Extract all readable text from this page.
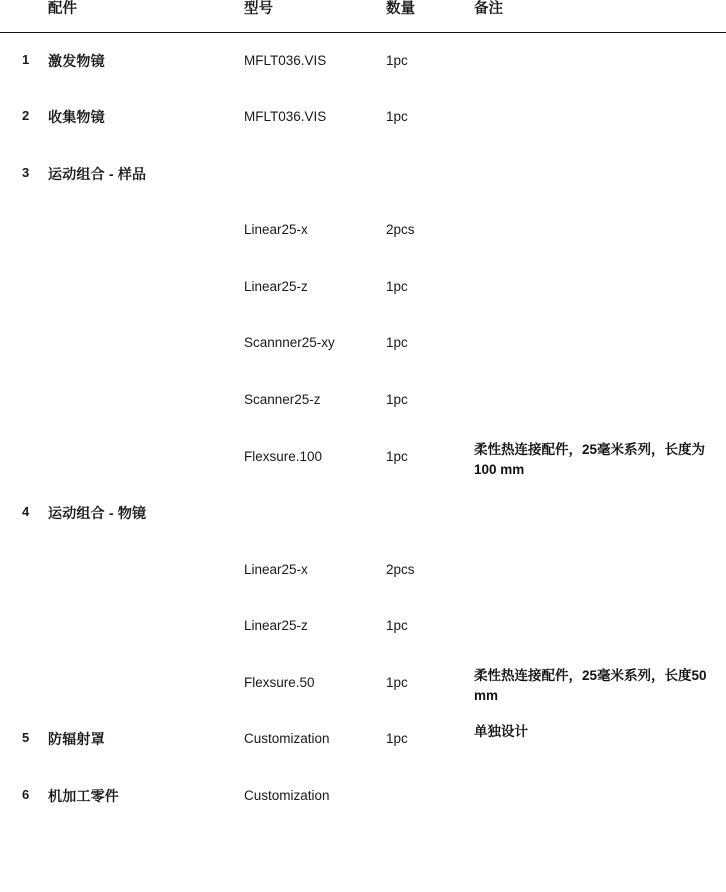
	配件	型号	数量	备注

1	激发物镜	MFLT036.VIS	1pc	

2	收集物镜	MFLT036.VIS	1pc	

3	运动组合 - 样品			

		Linear25-x	2pcs	

		Linear25-z	1pc	

		Scannner25-xy	1pc	

		Scanner25-z	1pc	

		Flexsure.100	1pc	柔性热连接配件，25毫米系列，长度为100 mm

4	运动组合 - 物镜			

		Linear25-x	2pcs	

		Linear25-z	1pc	

		Flexsure.50	1pc	柔性热连接配件，25毫米系列，长度50 mm

5	防辐射罩	Customization	1pc	单独设计

6	机加工零件	Customization		
